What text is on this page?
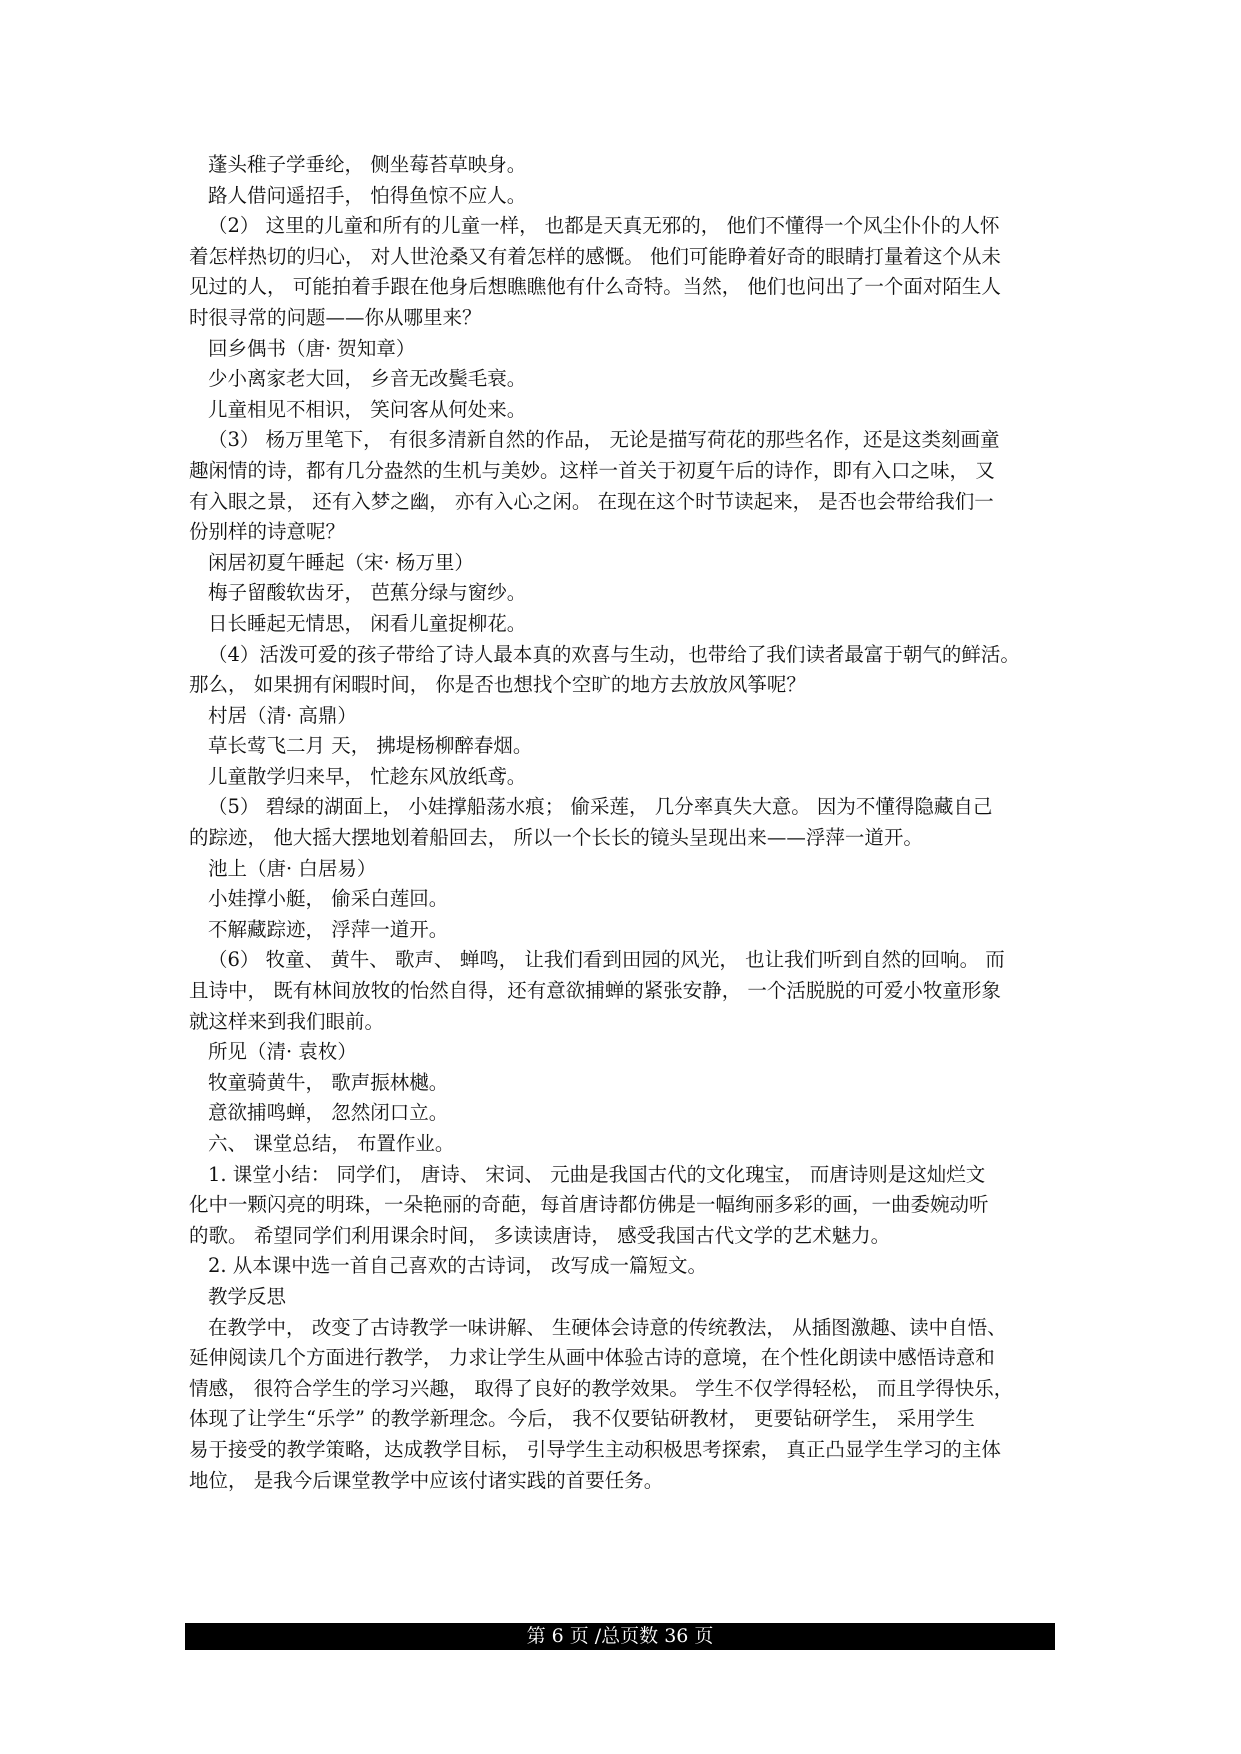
蓬头稚子学垂纶， 侧坐莓苔草映身。

路人借问遥招手， 怕得鱼惊不应人。

（2） 这里的儿童和所有的儿童一样， 也都是天真无邪的， 他们不懂得一个风尘仆仆的人怀

着怎样热切的归心， 对人世沧桑又有着怎样的感慨。 他们可能睁着好奇的眼睛打量着这个从未

见过的人， 可能拍着手跟在他身后想瞧瞧他有什么奇特。当然， 他们也问出了一个面对陌生人

时很寻常的问题——你从哪里来？

回乡偶书（唐· 贺知章）

少小离家老大回， 乡音无改鬓毛衰。

儿童相见不相识， 笑问客从何处来。

（3） 杨万里笔下， 有很多清新自然的作品， 无论是描写荷花的那些名作，还是这类刻画童

趣闲情的诗，都有几分盎然的生机与美妙。这样一首关于初夏午后的诗作，即有入口之味， 又

有入眼之景， 还有入梦之幽， 亦有入心之闲。 在现在这个时节读起来， 是否也会带给我们一

份别样的诗意呢？

闲居初夏午睡起（宋· 杨万里）

梅子留酸软齿牙， 芭蕉分绿与窗纱。

日长睡起无情思， 闲看儿童捉柳花。

（4）活泼可爱的孩子带给了诗人最本真的欢喜与生动，也带给了我们读者最富于朝气的鲜活。

那么， 如果拥有闲暇时间， 你是否也想找个空旷的地方去放放风筝呢？

村居（清· 高鼎）

草长莺飞二月 天， 拂堤杨柳醉春烟。

儿童散学归来早， 忙趁东风放纸鸢。

（5） 碧绿的湖面上， 小娃撑船荡水痕； 偷采莲， 几分率真失大意。 因为不懂得隐藏自己

的踪迹， 他大摇大摆地划着船回去， 所以一个长长的镜头呈现出来——浮萍一道开。

池上（唐· 白居易）

小娃撑小艇， 偷采白莲回。

不解藏踪迹， 浮萍一道开。

（6） 牧童、 黄牛、 歌声、 蝉鸣， 让我们看到田园的风光， 也让我们听到自然的回响。 而

且诗中， 既有林间放牧的怡然自得，还有意欲捕蝉的紧张安静， 一个活脱脱的可爱小牧童形象

就这样来到我们眼前。

所见（清· 袁枚）

牧童骑黄牛， 歌声振林樾。

意欲捕鸣蝉， 忽然闭口立。

六、 课堂总结， 布置作业。

1. 课堂小结： 同学们， 唐诗、 宋词、 元曲是我国古代的文化瑰宝， 而唐诗则是这灿烂文

化中一颗闪亮的明珠，一朵艳丽的奇葩，每首唐诗都仿佛是一幅绚丽多彩的画，一曲委婉动听

的歌。 希望同学们利用课余时间， 多读读唐诗， 感受我国古代文学的艺术魅力。

2. 从本课中选一首自己喜欢的古诗词， 改写成一篇短文。

教学反思

在教学中， 改变了古诗教学一味讲解、 生硬体会诗意的传统教法， 从插图激趣、读中自悟、

延伸阅读几个方面进行教学， 力求让学生从画中体验古诗的意境，在个性化朗读中感悟诗意和

情感， 很符合学生的学习兴趣， 取得了良好的教学效果。 学生不仅学得轻松， 而且学得快乐，

体现了让学生“乐学” 的教学新理念。今后， 我不仅要钻研教材， 更要钻研学生， 采用学生

易于接受的教学策略，达成教学目标， 引导学生主动积极思考探索， 真正凸显学生学习的主体

地位， 是我今后课堂教学中应该付诸实践的首要任务。

第 6 页 /总页数 36 页
